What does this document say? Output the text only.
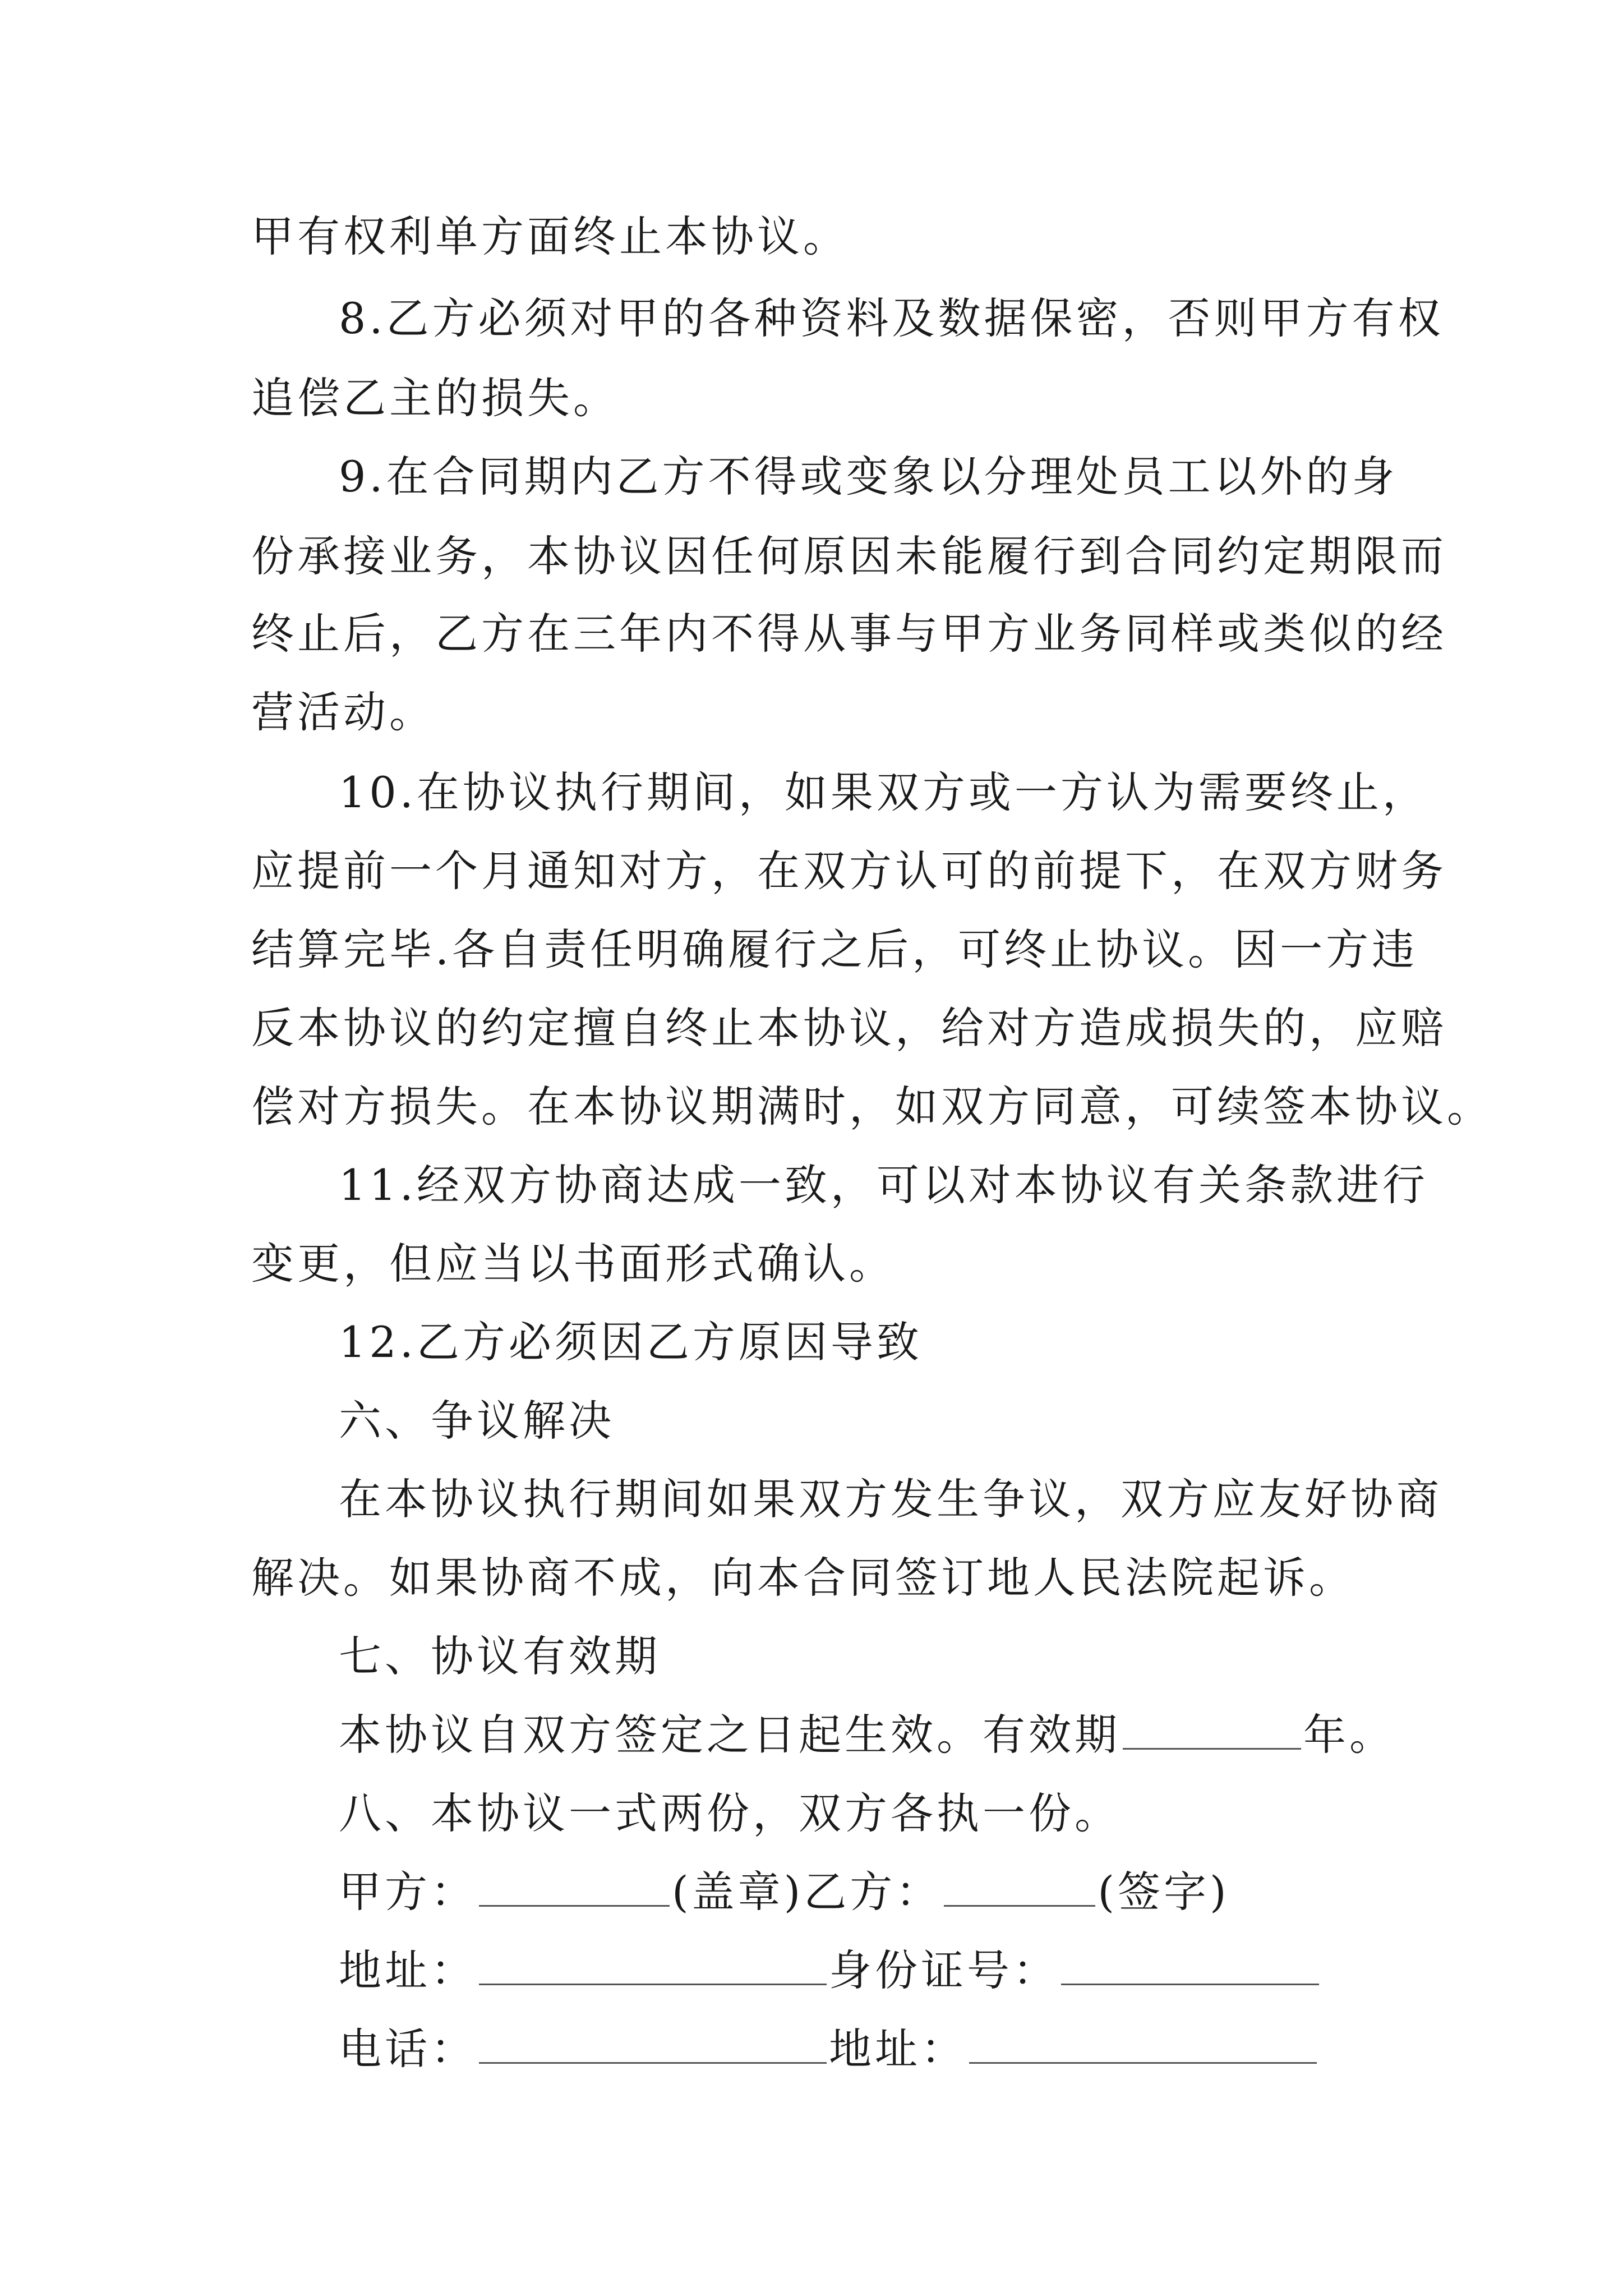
甲有权利单方面终止本协议。
8.乙方必须对甲的各种资料及数据保密，否则甲方有权
追偿乙主的损失。
9.在合同期内乙方不得或变象以分理处员工以外的身
份承接业务，本协议因任何原因未能履行到合同约定期限而
终止后，乙方在三年内不得从事与甲方业务同样或类似的经
营活动。
10.在协议执行期间，如果双方或一方认为需要终止，
应提前一个月通知对方，在双方认可的前提下，在双方财务
结算完毕.各自责任明确履行之后，可终止协议。因一方违
反本协议的约定擅自终止本协议，给对方造成损失的，应赔
偿对方损失。在本协议期满时，如双方同意，可续签本协议。
11.经双方协商达成一致，可以对本协议有关条款进行
变更，但应当以书面形式确认。
12.乙方必须因乙方原因导致
六、争议解决
在本协议执行期间如果双方发生争议，双方应友好协商
解决。如果协商不成，向本合同签订地人民法院起诉。
七、协议有效期
本协议自双方签定之日起生效。有效期	年。
八、本协议一式两份，双方各执一份。
甲方：	(盖章)乙方：	(签字)
地址：	身份证号：
电话：	地址：
